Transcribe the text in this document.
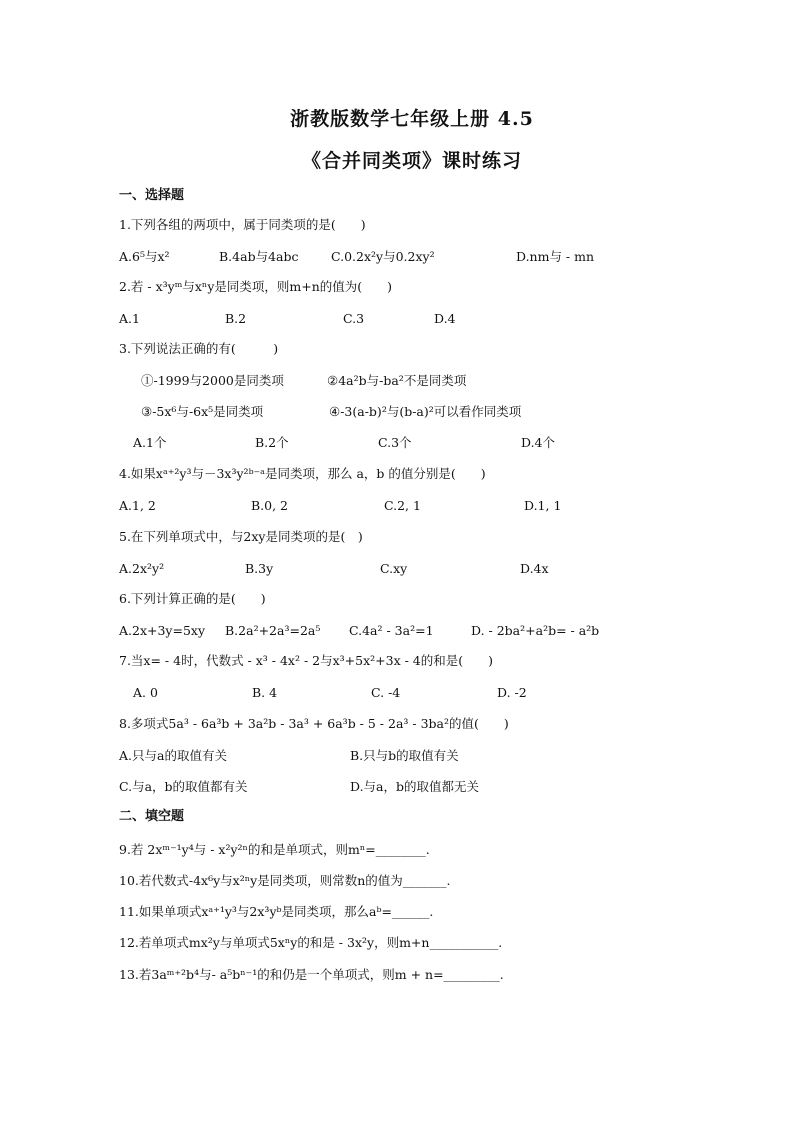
浙教版数学七年级上册 4.5
《合并同类项》课时练习
一、选择题
1.下列各组的两项中，属于同类项的是(　　)
A.6⁵与x²	B.4ab与4abc	C.0.2x²y与0.2xy²	D.nm与 - mn
2.若 - x³yᵐ与xⁿy是同类项，则m+n的值为(　　)
A.1	B.2	C.3	D.4
3.下列说法正确的有(　　　)
①-1999与2000是同类项	②4a²b与-ba²不是同类项
③-5x⁶与-6x⁵是同类项	④-3(a-b)²与(b-a)²可以看作同类项
A.1个	B.2个	C.3个	D.4个
4.如果xᵃ⁺²y³与－3x³y²ᵇ⁻ᵃ是同类项，那么 a，b 的值分别是(　　)
A.1, 2	B.0, 2	C.2, 1	D.1, 1
5.在下列单项式中，与2xy是同类项的是(　)
A.2x²y²	B.3y	C.xy	D.4x
6.下列计算正确的是(　　)
A.2x+3y=5xy B.2a²+2a³=2a⁵ C.4a² - 3a²=1	D. - 2ba²+a²b= - a²b
7.当x= - 4时，代数式 - x³ - 4x² - 2与x³+5x²+3x - 4的和是(　　)
A. 0	B. 4	C. -4	D. -2
8.多项式5a³ - 6a³b + 3a²b - 3a³ + 6a³b - 5 - 2a³ - 3ba²的值(　　)
A.只与a的取值有关	B.只与b的取值有关
C.与a，b的取值都有关	D.与a，b的取值都无关
二、填空题
9.若 2xᵐ⁻¹y⁴与 - x²y²ⁿ的和是单项式，则mⁿ=________.
10.若代数式-4x⁶y与x²ⁿy是同类项，则常数n的值为_______.
11.如果单项式xᵃ⁺¹y³与2x³yᵇ是同类项，那么aᵇ=______.
12.若单项式mx²y与单项式5xⁿy的和是 - 3x²y，则m+n___________.
13.若3aᵐ⁺²b⁴与- a⁵bⁿ⁻¹的和仍是一个单项式，则m + n=_________.
